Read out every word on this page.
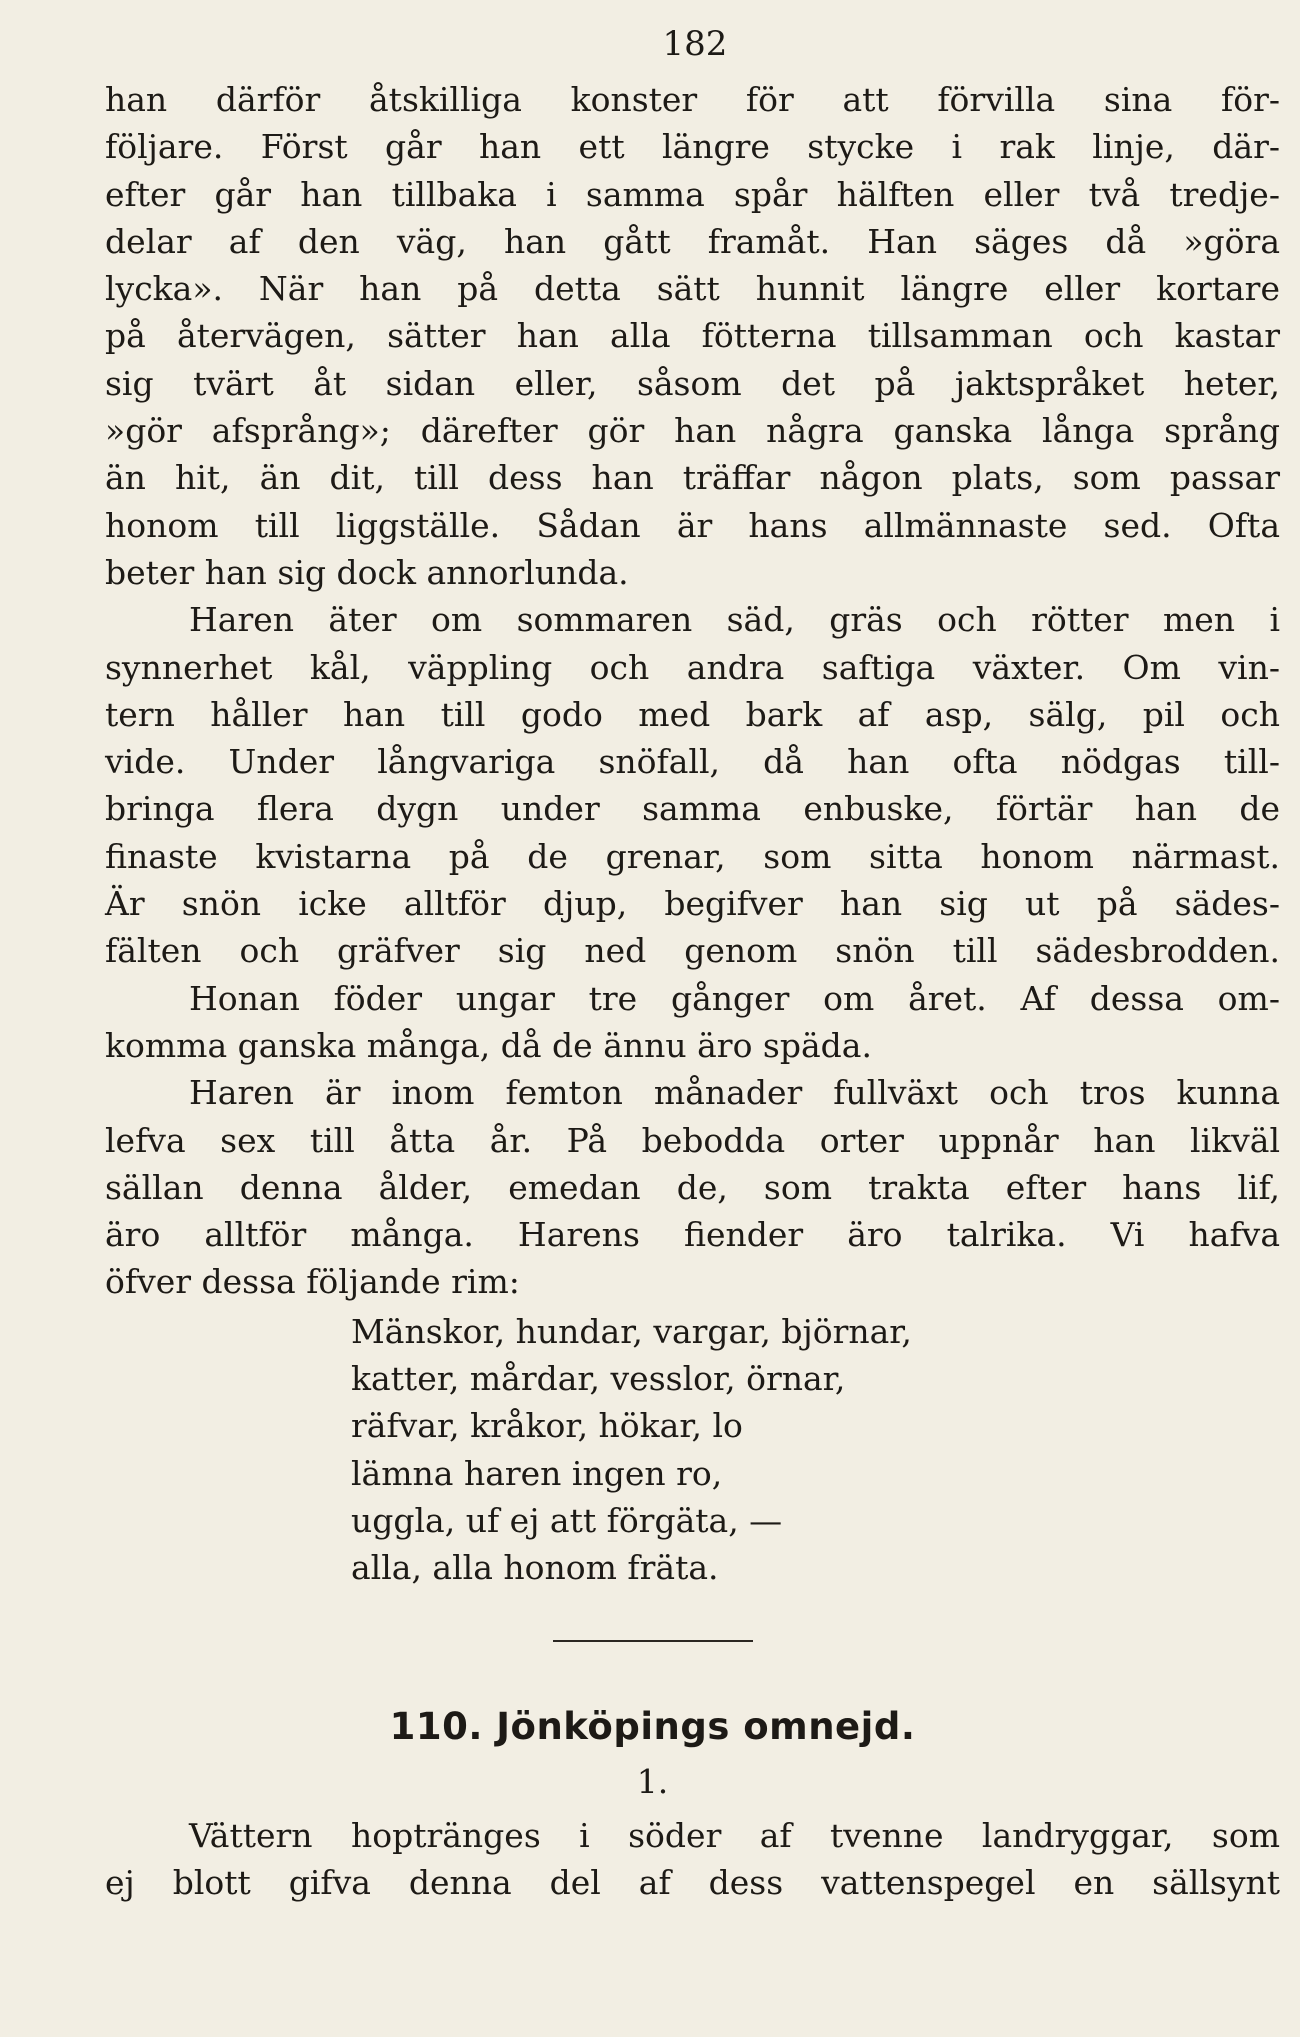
182

han därför åtskilliga konster för att förvilla sina för-
följare. Först går han ett längre stycke i rak linje, där-
efter går han tillbaka i samma spår hälften eller två tredje-
delar af den väg, han gått framåt. Han säges då »göra
lycka». När han på detta sätt hunnit längre eller kortare
på återvägen, sätter han alla fötterna tillsamman och kastar
sig tvärt åt sidan eller, såsom det på jaktspråket heter,
»gör afsprång»; därefter gör han några ganska långa språng
än hit, än dit, till dess han träffar någon plats, som passar
honom till liggställe. Sådan är hans allmännaste sed. Ofta
beter han sig dock annorlunda.

Haren äter om sommaren säd, gräs och rötter men i
synnerhet kål, väppling och andra saftiga växter. Om vin-
tern håller han till godo med bark af asp, sälg, pil och
vide. Under långvariga snöfall, då han ofta nödgas till-
bringa flera dygn under samma enbuske, förtär han de
finaste kvistarna på de grenar, som sitta honom närmast.
Är snön icke alltför djup, begifver han sig ut på sädes-
fälten och gräfver sig ned genom snön till sädesbrodden.

Honan föder ungar tre gånger om året. Af dessa om-
komma ganska många, då de ännu äro späda.

Haren är inom femton månader fullväxt och tros kunna
lefva sex till åtta år. På bebodda orter uppnår han likväl
sällan denna ålder, emedan de, som trakta efter hans lif,
äro alltför många. Harens fiender äro talrika. Vi hafva
öfver dessa följande rim:

Mänskor, hundar, vargar, björnar,
katter, mårdar, vesslor, örnar,
räfvar, kråkor, hökar, lo
lämna haren ingen ro,
uggla, uf ej att förgäta, —
alla, alla honom fräta.
110. Jönköpings omnejd.
1.

Vättern hoptränges i söder af tvenne landryggar, som
ej blott gifva denna del af dess vattenspegel en sällsynt
